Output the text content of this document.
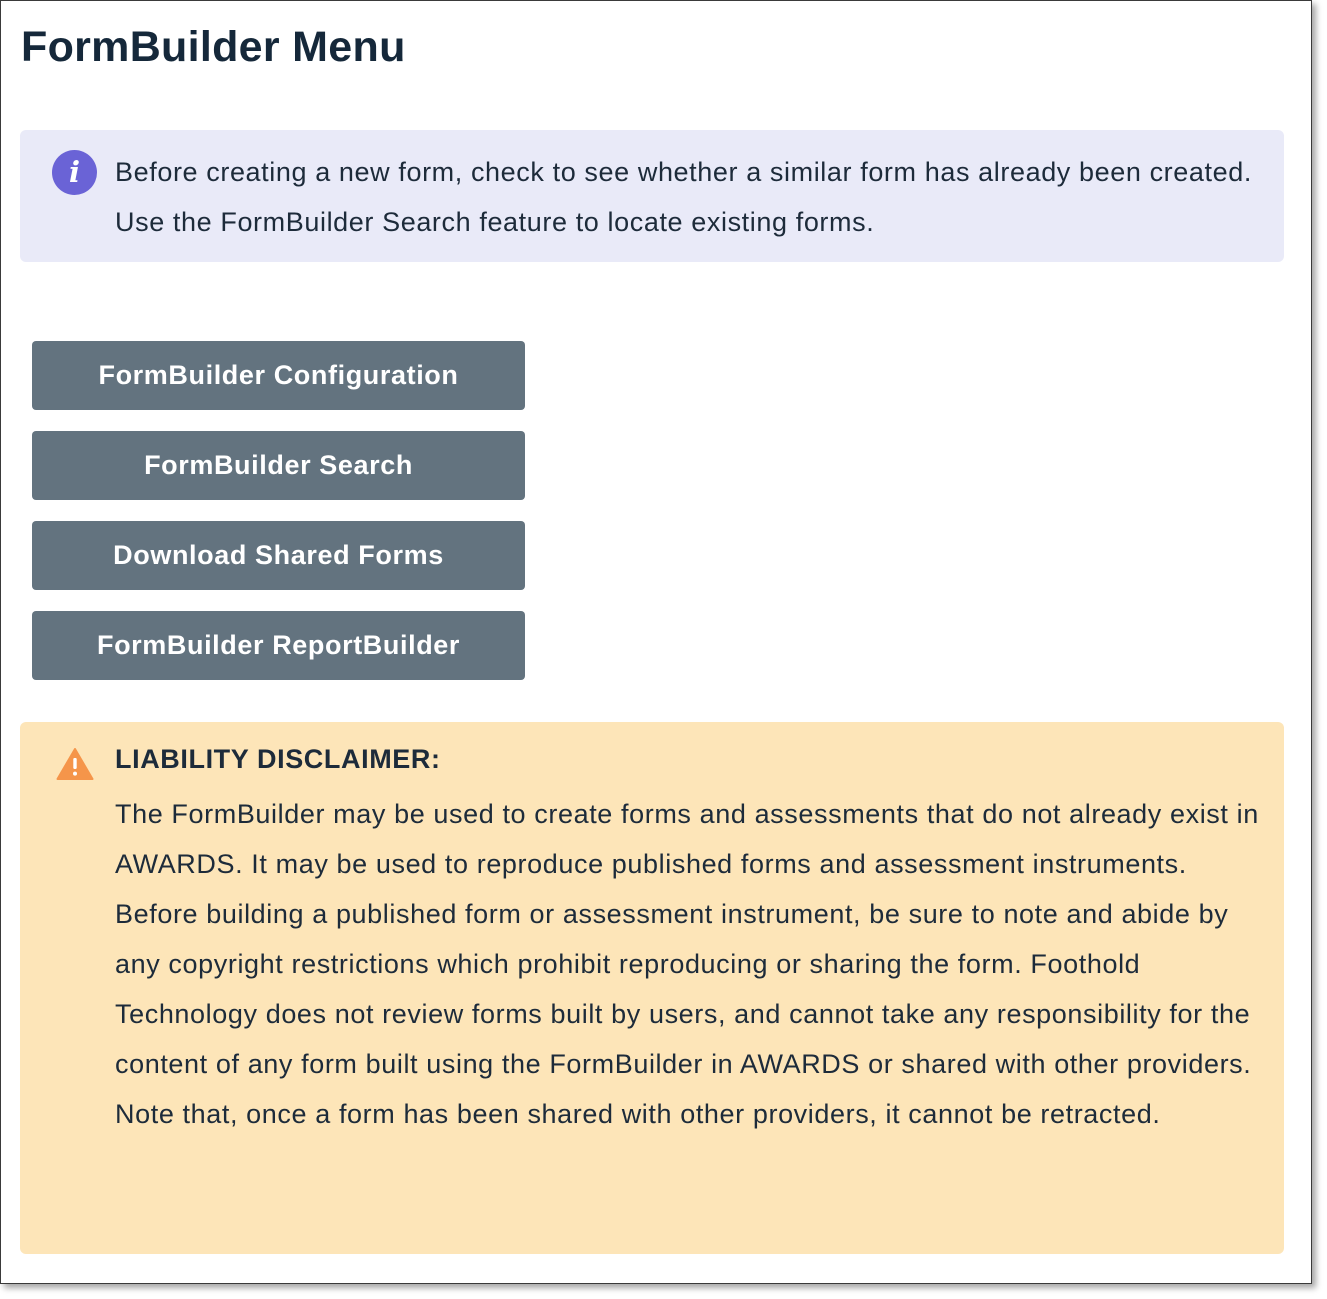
FormBuilder Menu
i	Before creating a new form, check to see whether a similar form has already been created. Use the FormBuilder Search feature to locate existing forms.

FormBuilder Configuration
FormBuilder Search
Download Shared Forms
FormBuilder ReportBuilder
LIABILITY DISCLAIMER:

The FormBuilder may be used to create forms and assessments that do not already exist in AWARDS. It may be used to reproduce published forms and assessment instruments. Before building a published form or assessment instrument, be sure to note and abide by any copyright restrictions which prohibit reproducing or sharing the form. Foothold Technology does not review forms built by users, and cannot take any responsibility for the content of any form built using the FormBuilder in AWARDS or shared with other providers. Note that, once a form has been shared with other providers, it cannot be retracted.
